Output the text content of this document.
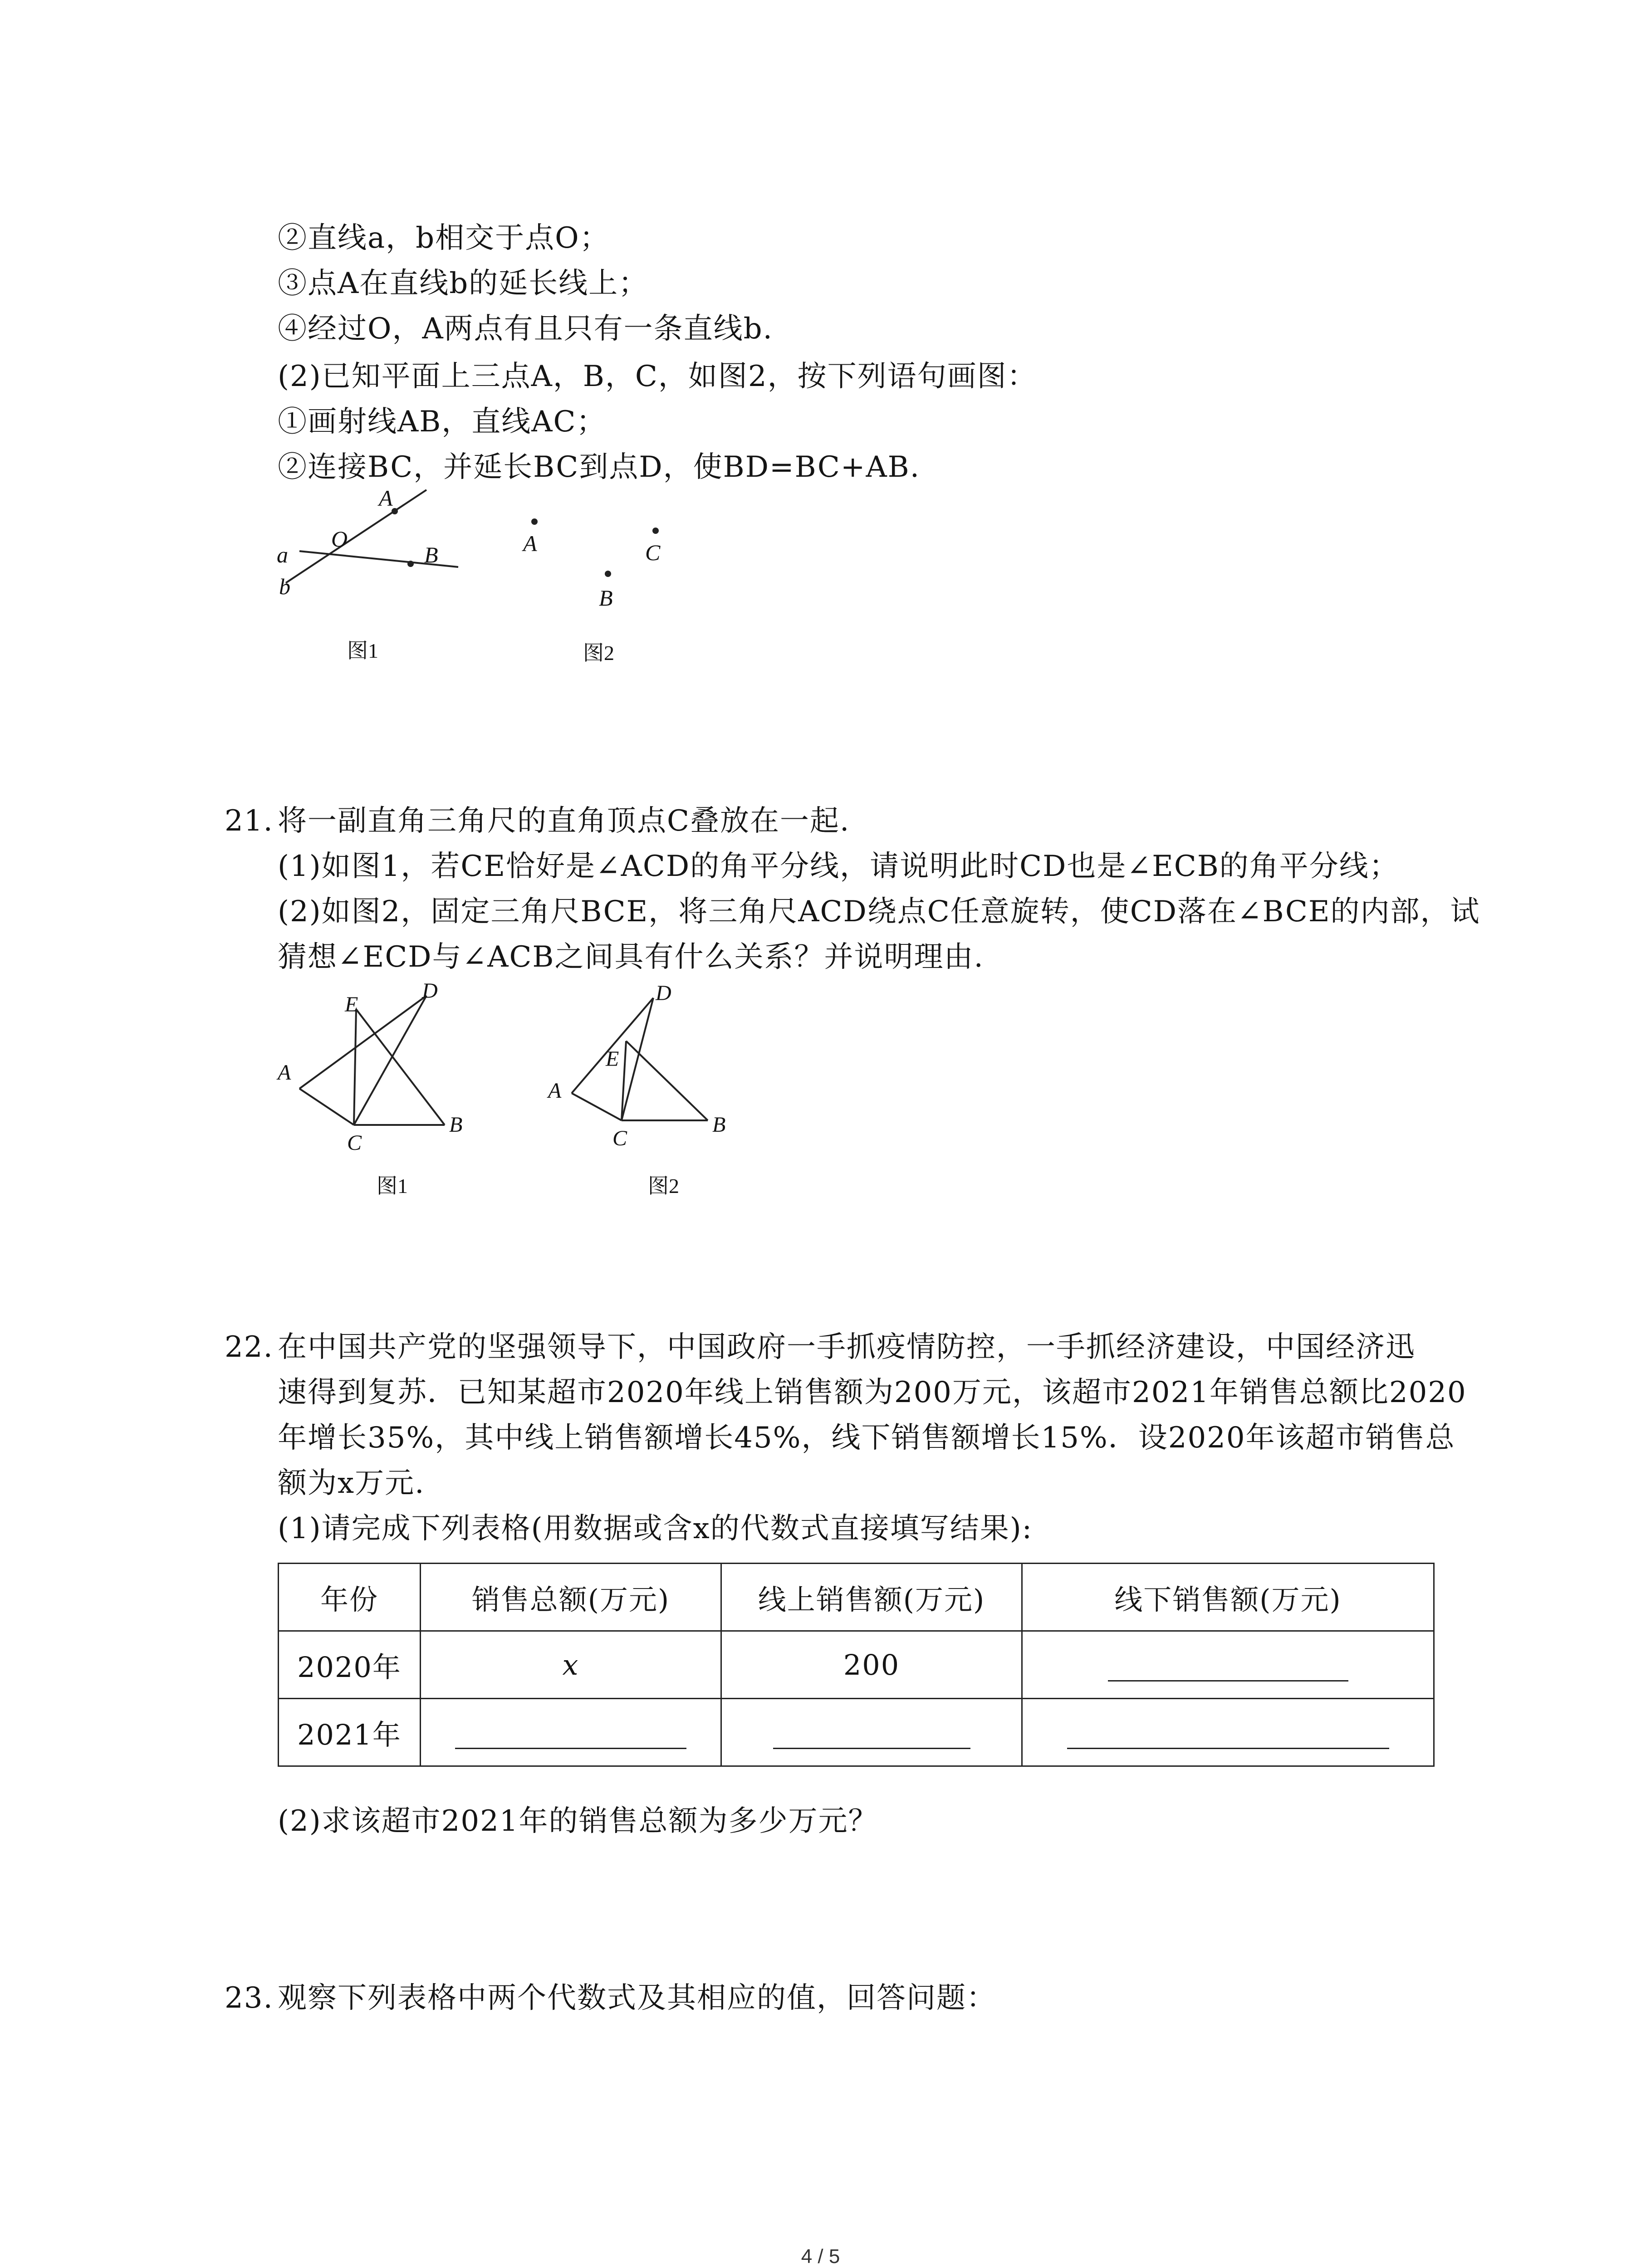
②直线a，b相交于点O；
③点A在直线b的延长线上；
④经过O，A两点有且只有一条直线b.
(2)已知平面上三点A，B，C，如图2，按下列语句画图：
①画射线AB，直线AC；
②连接BC，并延长BC到点D，使BD=BC+AB.
A
O
B
a
b
图1
A	C
B
图2
21. 将一副直角三角尺的直角顶点C叠放在一起.
(1)如图1，若CE恰好是∠ACD的角平分线，请说明此时CD也是∠ECB的角平分线；
(2)如图2，固定三角尺BCE，将三角尺ACD绕点C任意旋转，使CD落在∠BCE的内部，试
猜想∠ECD与∠ACB之间具有什么关系？并说明理由.
A
E
D
C
B
图1
A
E
D
C
B
图2
22. 在中国共产党的坚强领导下，中国政府一手抓疫情防控，一手抓经济建设，中国经济迅
速得到复苏．已知某超市2020年线上销售额为200万元，该超市2021年销售总额比2020
年增长35%，其中线上销售额增长45%，线下销售额增长15%．设2020年该超市销售总
额为x万元.
(1)请完成下列表格(用数据或含x的代数式直接填写结果):
年份	销售总额(万元)	线上销售额(万元)	线下销售额(万元)
2020年	x	200	
2021年			
(2)求该超市2021年的销售总额为多少万元？
23. 观察下列表格中两个代数式及其相应的值，回答问题：
4 / 5
